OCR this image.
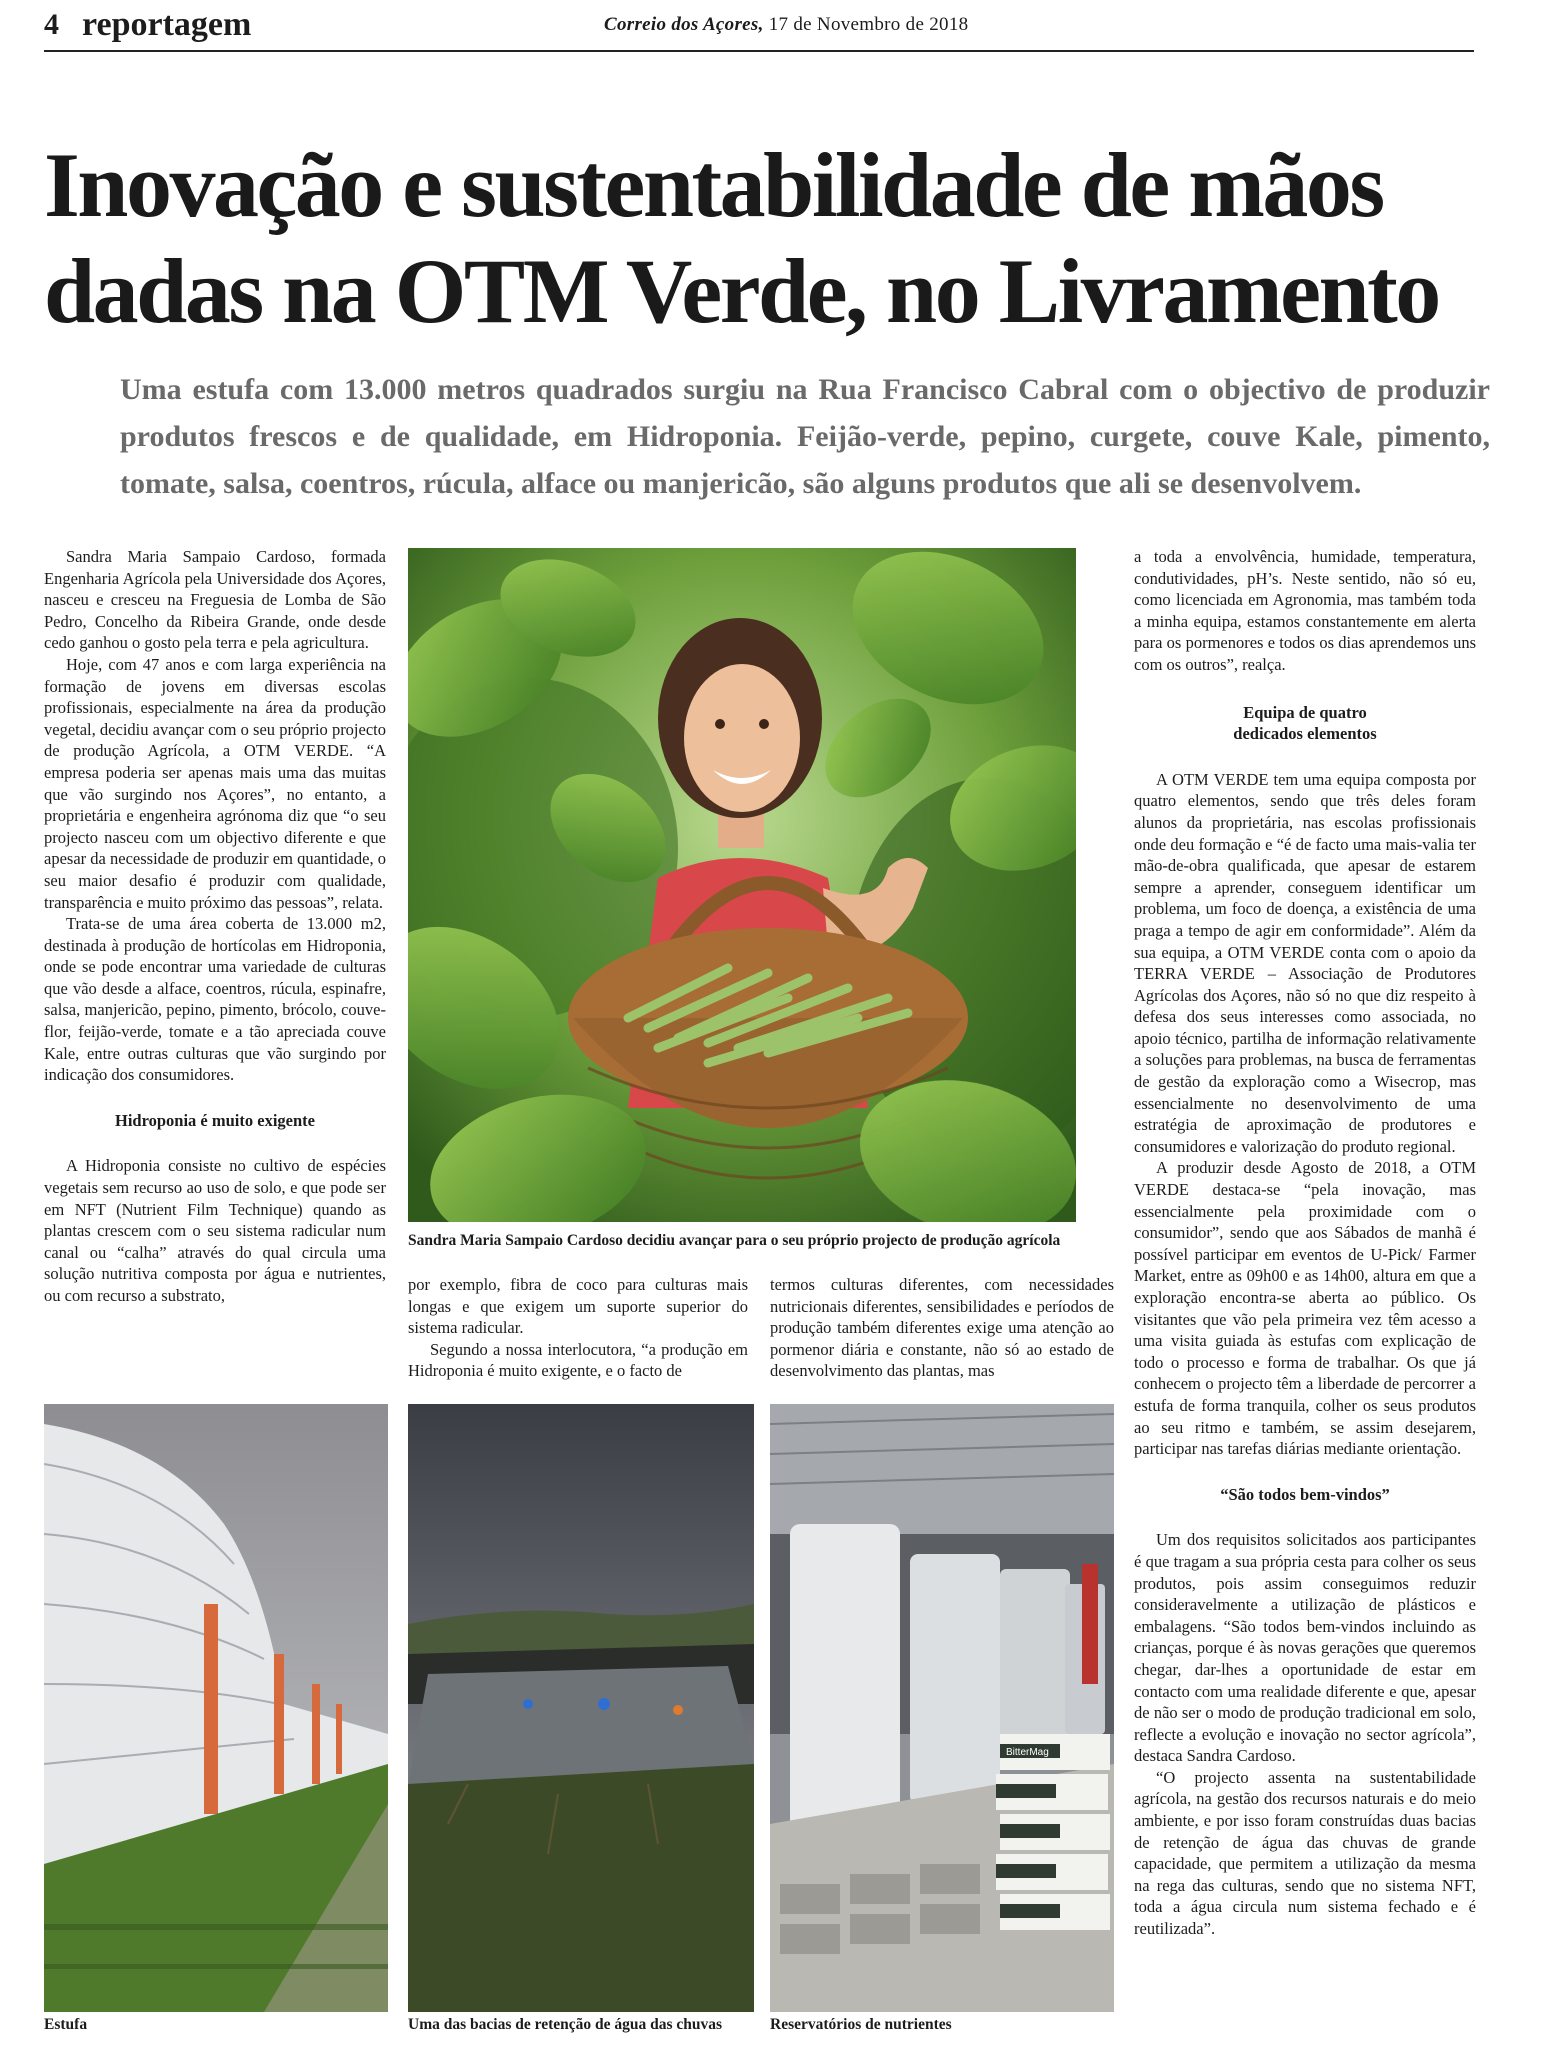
4 reportagem	Correio dos Açores, 17 de Novembro de 2018
Inovação e sustentabilidade de mãos
dadas na OTM Verde, no Livramento

Uma estufa com 13.000 metros quadrados surgiu na Rua Francisco Cabral com o objectivo de produzir produtos frescos e de qualidade, em Hidroponia. Feijão-verde, pepino, curgete, couve Kale, pimento, tomate, salsa, coentros, rúcula, alface ou manjericão, são alguns produtos que ali se desenvolvem.

Sandra Maria Sampaio Cardoso, formada Engenharia Agrícola pela Universidade dos Açores, nasceu e cresceu na Freguesia de Lomba de São Pedro, Concelho da Ribeira Grande, onde desde cedo ganhou o gosto pela terra e pela agricultura.

Hoje, com 47 anos e com larga experiência na formação de jovens em diversas escolas profissionais, especialmente na área da produção vegetal, decidiu avançar com o seu próprio projecto de produção Agrícola, a OTM VERDE. “A empresa poderia ser apenas mais uma das muitas que vão surgindo nos Açores”, no entanto, a proprietária e engenheira agrónoma diz que “o seu projecto nasceu com um objectivo diferente e que apesar da necessidade de produzir em quantidade, o seu maior desafio é produzir com qualidade, transparência e muito próximo das pessoas”, relata.

Trata-se de uma área coberta de 13.000 m2, destinada à produção de hortícolas em Hidroponia, onde se pode encontrar uma variedade de culturas que vão desde a alface, coentros, rúcula, espinafre, salsa, manjericão, pepino, pimento, brócolo, couve-flor, feijão-verde, tomate e a tão apreciada couve Kale, entre outras culturas que vão surgindo por indicação dos consumidores.

Hidroponia é muito exigente

A Hidroponia consiste no cultivo de espécies vegetais sem recurso ao uso de solo, e que pode ser em NFT (Nutrient Film Technique) quando as plantas crescem com o seu sistema radicular num canal ou “calha” através do qual circula uma solução nutritiva composta por água e nutrientes, ou com recurso a substrato,

Sandra Maria Sampaio Cardoso decidiu avançar para o seu próprio projecto de produção agrícola

por exemplo, fibra de coco para culturas mais longas e que exigem um suporte superior do sistema radicular.

Segundo a nossa interlocutora, “a produção em Hidroponia é muito exigente, e o facto de

termos culturas diferentes, com necessidades nutricionais diferentes, sensibilidades e períodos de produção também diferentes exige uma atenção ao pormenor diária e constante, não só ao estado de desenvolvimento das plantas, mas

a toda a envolvência, humidade, temperatura, condutividades, pH’s. Neste sentido, não só eu, como licenciada em Agronomia, mas também toda a minha equipa, estamos constantemente em alerta para os pormenores e todos os dias aprendemos uns com os outros”, realça.

Equipa de quatro
dedicados elementos

A OTM VERDE tem uma equipa composta por quatro elementos, sendo que três deles foram alunos da proprietária, nas escolas profissionais onde deu formação e “é de facto uma mais-valia ter mão-de-obra qualificada, que apesar de estarem sempre a aprender, conseguem identificar um problema, um foco de doença, a existência de uma praga a tempo de agir em conformidade”. Além da sua equipa, a OTM VERDE conta com o apoio da TERRA VERDE – Associação de Produtores Agrícolas dos Açores, não só no que diz respeito à defesa dos seus interesses como associada, no apoio técnico, partilha de informação relativamente a soluções para problemas, na busca de ferramentas de gestão da exploração como a Wisecrop, mas essencialmente no desenvolvimento de uma estratégia de aproximação de produtores e consumidores e valorização do produto regional.

A produzir desde Agosto de 2018, a OTM VERDE destaca-se “pela inovação, mas essencialmente pela proximidade com o consumidor”, sendo que aos Sábados de manhã é possível participar em eventos de U-Pick/ Farmer Market, entre as 09h00 e as 14h00, altura em que a exploração encontra-se aberta ao público. Os visitantes que vão pela primeira vez têm acesso a uma visita guiada às estufas com explicação de todo o processo e forma de trabalhar. Os que já conhecem o projecto têm a liberdade de percorrer a estufa de forma tranquila, colher os seus produtos ao seu ritmo e também, se assim desejarem, participar nas tarefas diárias mediante orientação.

“São todos bem-vindos”

Um dos requisitos solicitados aos participantes é que tragam a sua própria cesta para colher os seus produtos, pois assim conseguimos reduzir consideravelmente a utilização de plásticos e embalagens. “São todos bem-vindos incluindo as crianças, porque é às novas gerações que queremos chegar, dar-lhes a oportunidade de estar em contacto com uma realidade diferente e que, apesar de não ser o modo de produção tradicional em solo, reflecte a evolução e inovação no sector agrícola”, destaca Sandra Cardoso.

“O projecto assenta na sustentabilidade agrícola, na gestão dos recursos naturais e do meio ambiente, e por isso foram construídas duas bacias de retenção de água das chuvas de grande capacidade, que permitem a utilização da mesma na rega das culturas, sendo que no sistema NFT, toda a água circula num sistema fechado e é reutilizada”.

Estufa	Uma das bacias de retenção de água das chuvas
BitterMag
Reservatórios de nutrientes
